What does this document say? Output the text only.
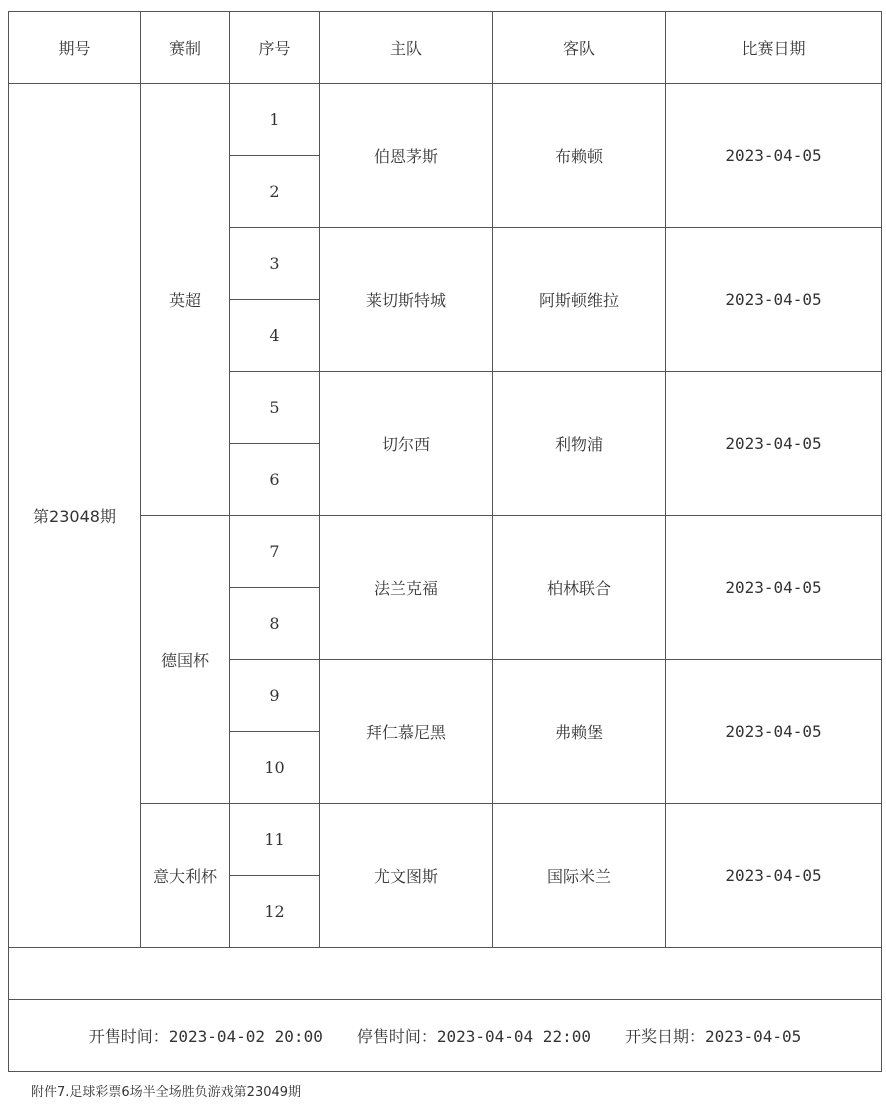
期号	赛制	序号	主队	客队	比赛日期
第23048期	英超	1	伯恩茅斯	布赖顿	2023-04-05
		2			
		3	莱切斯特城	阿斯顿维拉	2023-04-05
		4			
		5	切尔西	利物浦	2023-04-05
		6			
	德国杯	7	法兰克福	柏林联合	2023-04-05
		8			
		9	拜仁慕尼黑	弗赖堡	2023-04-05
		10			
	意大利杯	11	尤文图斯	国际米兰	2023-04-05
		12			

开售时间：2023-04-02 20:00 停售时间：2023-04-04 22:00 开奖日期：2023-04-05					
附件7.足球彩票6场半全场胜负游戏第23049期
